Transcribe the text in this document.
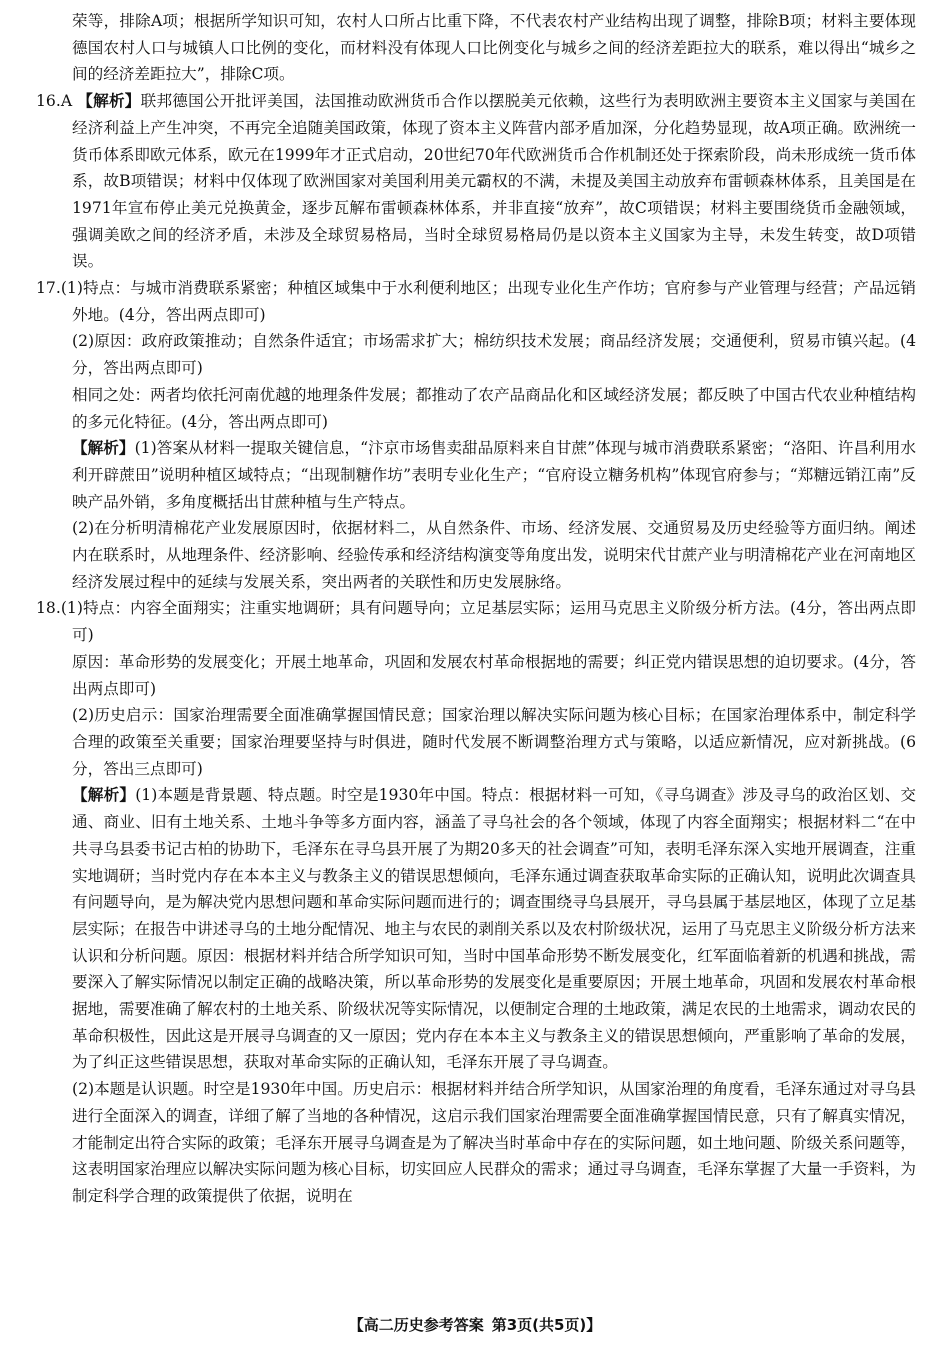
荣等，排除A项；根据所学知识可知，农村人口所占比重下降，不代表农村产业结构出现了调整，排除B项；材料主要体现德国农村人口与城镇人口比例的变化，而材料没有体现人口比例变化与城乡之间的经济差距拉大的联系，难以得出“城乡之间的经济差距拉大”，排除C项。

16.A 【解析】联邦德国公开批评美国，法国推动欧洲货币合作以摆脱美元依赖，这些行为表明欧洲主要资本主义国家与美国在经济利益上产生冲突，不再完全追随美国政策，体现了资本主义阵营内部矛盾加深，分化趋势显现，故A项正确。欧洲统一货币体系即欧元体系，欧元在1999年才正式启动，20世纪70年代欧洲货币合作机制还处于探索阶段，尚未形成统一货币体系，故B项错误；材料中仅体现了欧洲国家对美国利用美元霸权的不满，未提及美国主动放弃布雷顿森林体系，且美国是在1971年宣布停止美元兑换黄金，逐步瓦解布雷顿森林体系，并非直接“放弃”，故C项错误；材料主要围绕货币金融领域，强调美欧之间的经济矛盾，未涉及全球贸易格局，当时全球贸易格局仍是以资本主义国家为主导，未发生转变，故D项错误。
17.(1)特点：与城市消费联系紧密；种植区域集中于水利便利地区；出现专业化生产作坊；官府参与产业管理与经营；产品远销外地。(4分，答出两点即可)

(2)原因：政府政策推动；自然条件适宜；市场需求扩大；棉纺织技术发展；商品经济发展；交通便利，贸易市镇兴起。(4分，答出两点即可)

相同之处：两者均依托河南优越的地理条件发展；都推动了农产品商品化和区域经济发展；都反映了中国古代农业种植结构的多元化特征。(4分，答出两点即可)

【解析】(1)答案从材料一提取关键信息，“汴京市场售卖甜品原料来自甘蔗”体现与城市消费联系紧密；“洛阳、许昌利用水利开辟蔗田”说明种植区域特点；“出现制糖作坊”表明专业化生产；“官府设立糖务机构”体现官府参与；“郑糖远销江南”反映产品外销，多角度概括出甘蔗种植与生产特点。

(2)在分析明清棉花产业发展原因时，依据材料二，从自然条件、市场、经济发展、交通贸易及历史经验等方面归纳。阐述内在联系时，从地理条件、经济影响、经验传承和经济结构演变等角度出发，说明宋代甘蔗产业与明清棉花产业在河南地区经济发展过程中的延续与发展关系，突出两者的关联性和历史发展脉络。

18.(1)特点：内容全面翔实；注重实地调研；具有问题导向；立足基层实际；运用马克思主义阶级分析方法。(4分，答出两点即可)

原因：革命形势的发展变化；开展土地革命，巩固和发展农村革命根据地的需要；纠正党内错误思想的迫切要求。(4分，答出两点即可)

(2)历史启示：国家治理需要全面准确掌握国情民意；国家治理以解决实际问题为核心目标；在国家治理体系中，制定科学合理的政策至关重要；国家治理要坚持与时俱进，随时代发展不断调整治理方式与策略，以适应新情况，应对新挑战。(6分，答出三点即可)

【解析】(1)本题是背景题、特点题。时空是1930年中国。特点：根据材料一可知，《寻乌调查》涉及寻乌的政治区划、交通、商业、旧有土地关系、土地斗争等多方面内容，涵盖了寻乌社会的各个领域，体现了内容全面翔实；根据材料二“在中共寻乌县委书记古柏的协助下，毛泽东在寻乌县开展了为期20多天的社会调查”可知，表明毛泽东深入实地开展调查，注重实地调研；当时党内存在本本主义与教条主义的错误思想倾向，毛泽东通过调查获取革命实际的正确认知，说明此次调查具有问题导向，是为解决党内思想问题和革命实际问题而进行的；调查围绕寻乌县展开，寻乌县属于基层地区，体现了立足基层实际；在报告中讲述寻乌的土地分配情况、地主与农民的剥削关系以及农村阶级状况，运用了马克思主义阶级分析方法来认识和分析问题。原因：根据材料并结合所学知识可知，当时中国革命形势不断发展变化，红军面临着新的机遇和挑战，需要深入了解实际情况以制定正确的战略决策，所以革命形势的发展变化是重要原因；开展土地革命，巩固和发展农村革命根据地，需要准确了解农村的土地关系、阶级状况等实际情况，以便制定合理的土地政策，满足农民的土地需求，调动农民的革命积极性，因此这是开展寻乌调查的又一原因；党内存在本本主义与教条主义的错误思想倾向，严重影响了革命的发展，为了纠正这些错误思想，获取对革命实际的正确认知，毛泽东开展了寻乌调查。

(2)本题是认识题。时空是1930年中国。历史启示：根据材料并结合所学知识，从国家治理的角度看，毛泽东通过对寻乌县进行全面深入的调查，详细了解了当地的各种情况，这启示我们国家治理需要全面准确掌握国情民意，只有了解真实情况，才能制定出符合实际的政策；毛泽东开展寻乌调查是为了解决当时革命中存在的实际问题，如土地问题、阶级关系问题等，这表明国家治理应以解决实际问题为核心目标，切实回应人民群众的需求；通过寻乌调查，毛泽东掌握了大量一手资料，为制定科学合理的政策提供了依据，说明在

【高二历史参考答案 第3页(共5页)】
